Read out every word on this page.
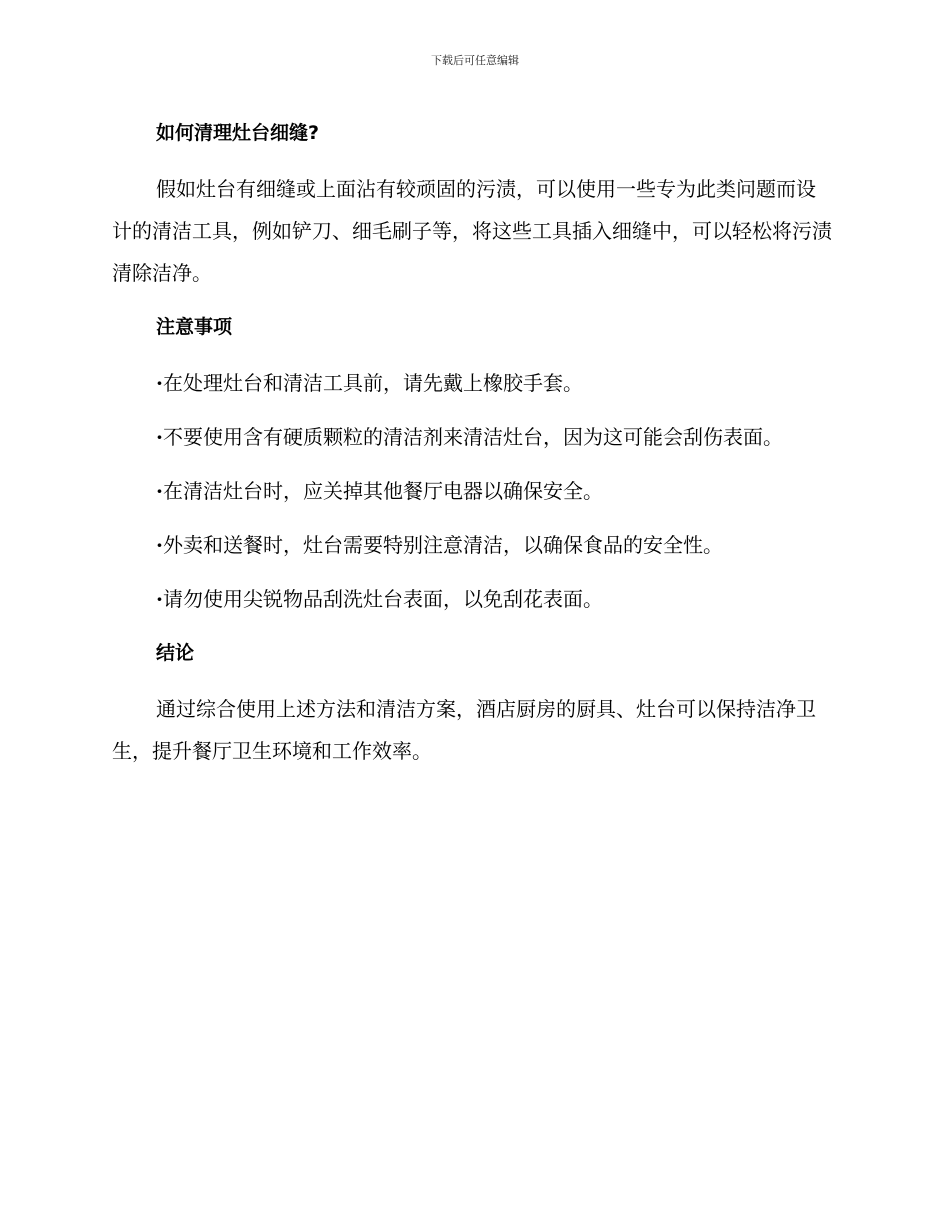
下载后可任意编辑
如何清理灶台细缝?
假如灶台有细缝或上面沾有较顽固的污渍，可以使用一些专为此类问题而设计的清洁工具，例如铲刀、细毛刷子等，将这些工具插入细缝中，可以轻松将污渍清除洁净。
注意事项
·在处理灶台和清洁工具前，请先戴上橡胶手套。
·不要使用含有硬质颗粒的清洁剂来清洁灶台，因为这可能会刮伤表面。
·在清洁灶台时，应关掉其他餐厅电器以确保安全。
·外卖和送餐时，灶台需要特别注意清洁，以确保食品的安全性。
·请勿使用尖锐物品刮洗灶台表面，以免刮花表面。
结论
通过综合使用上述方法和清洁方案，酒店厨房的厨具、灶台可以保持洁净卫生，提升餐厅卫生环境和工作效率。
